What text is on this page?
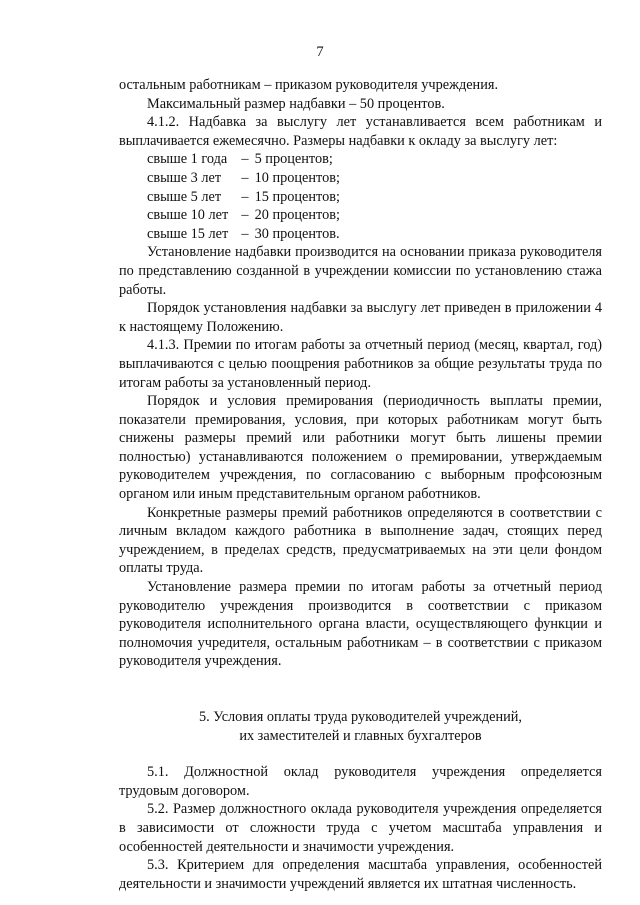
7

остальным работникам – приказом руководителя учреждения.

Максимальный размер надбавки – 50 процентов.

4.1.2. Надбавка за выслугу лет устанавливается всем работникам и выплачивается ежемесячно. Размеры надбавки к окладу за выслугу лет:

свыше 1 года – 5 процентов;
свыше 3 лет – 10 процентов;
свыше 5 лет – 15 процентов;
свыше 10 лет – 20 процентов;
свыше 15 лет – 30 процентов.

Установление надбавки производится на основании приказа руководителя по представлению созданной в учреждении комиссии по установлению стажа работы.

Порядок установления надбавки за выслугу лет приведен в приложении 4 к настоящему Положению.

4.1.3. Премии по итогам работы за отчетный период (месяц, квартал, год) выплачиваются с целью поощрения работников за общие результаты труда по итогам работы за установленный период.

Порядок и условия премирования (периодичность выплаты премии, показатели премирования, условия, при которых работникам могут быть снижены размеры премий или работники могут быть лишены премии полностью) устанавливаются положением о премировании, утверждаемым руководителем учреждения, по согласованию с выборным профсоюзным органом или иным представительным органом работников.

Конкретные размеры премий работников определяются в соответствии с личным вкладом каждого работника в выполнение задач, стоящих перед учреждением, в пределах средств, предусматриваемых на эти цели фондом оплаты труда.

Установление размера премии по итогам работы за отчетный период руководителю учреждения производится в соответствии с приказом руководителя исполнительного органа власти, осуществляющего функции и полномочия учредителя, остальным работникам – в соответствии с приказом руководителя учреждения.

5. Условия оплаты труда руководителей учреждений,
их заместителей и главных бухгалтеров

5.1. Должностной оклад руководителя учреждения определяется трудовым договором.

5.2. Размер должностного оклада руководителя учреждения определяется в зависимости от сложности труда с учетом масштаба управления и особенностей деятельности и значимости учреждения.

5.3. Критерием для определения масштаба управления, особенностей деятельности и значимости учреждений является их штатная численность.
